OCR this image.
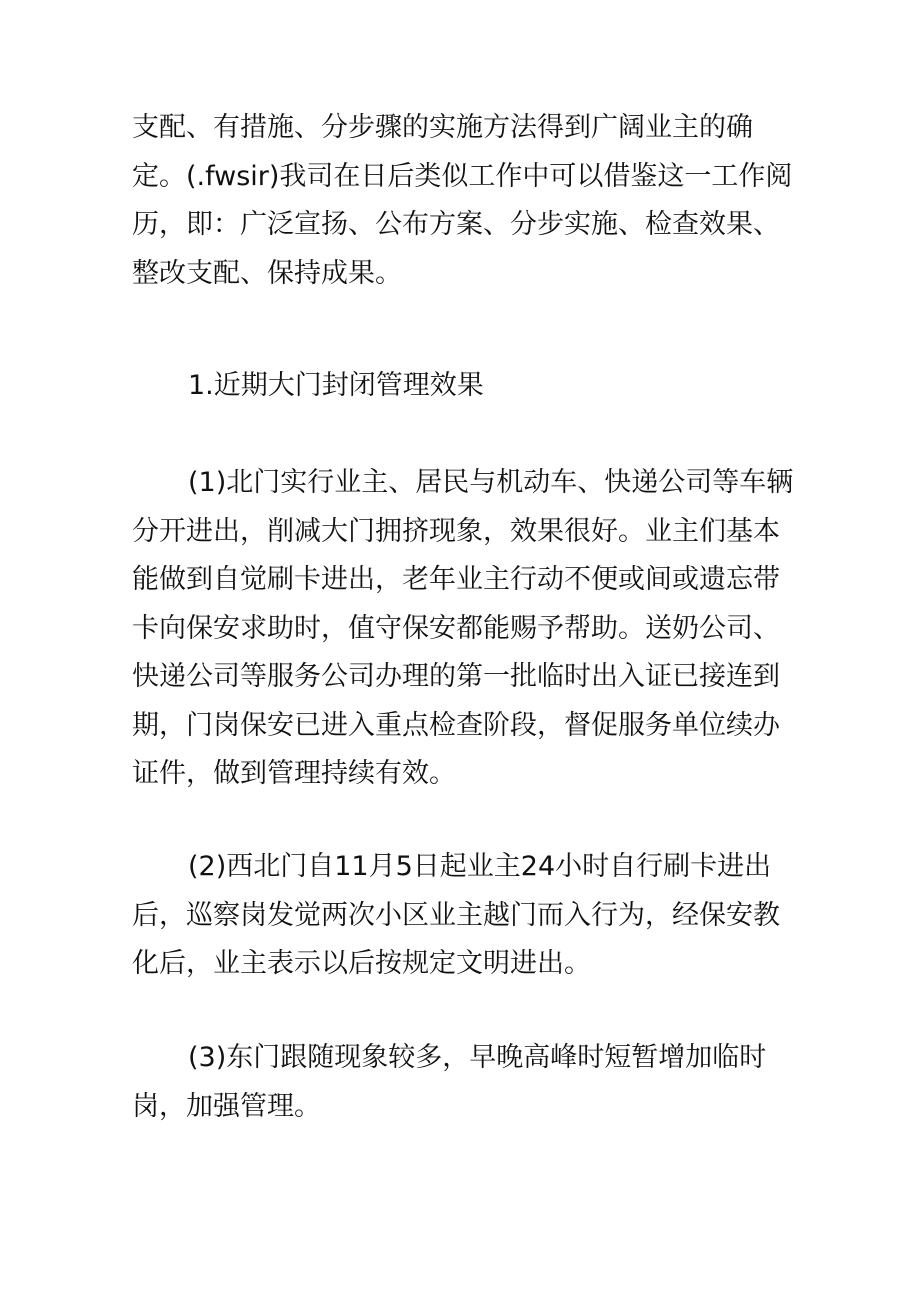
支配、有措施、分步骤的实施方法得到广阔业主的确定。(.fwsir)我司在日后类似工作中可以借鉴这一工作阅历，即：广泛宣扬、公布方案、分步实施、检查效果、整改支配、保持成果。

1.近期大门封闭管理效果

(1)北门实行业主、居民与机动车、快递公司等车辆分开进出，削减大门拥挤现象，效果很好。业主们基本能做到自觉刷卡进出，老年业主行动不便或间或遗忘带卡向保安求助时，值守保安都能赐予帮助。送奶公司、快递公司等服务公司办理的第一批临时出入证已接连到期，门岗保安已进入重点检查阶段，督促服务单位续办证件，做到管理持续有效。

(2)西北门自11月5日起业主24小时自行刷卡进出后，巡察岗发觉两次小区业主越门而入行为，经保安教化后，业主表示以后按规定文明进出。

(3)东门跟随现象较多，早晚高峰时短暂增加临时岗，加强管理。
